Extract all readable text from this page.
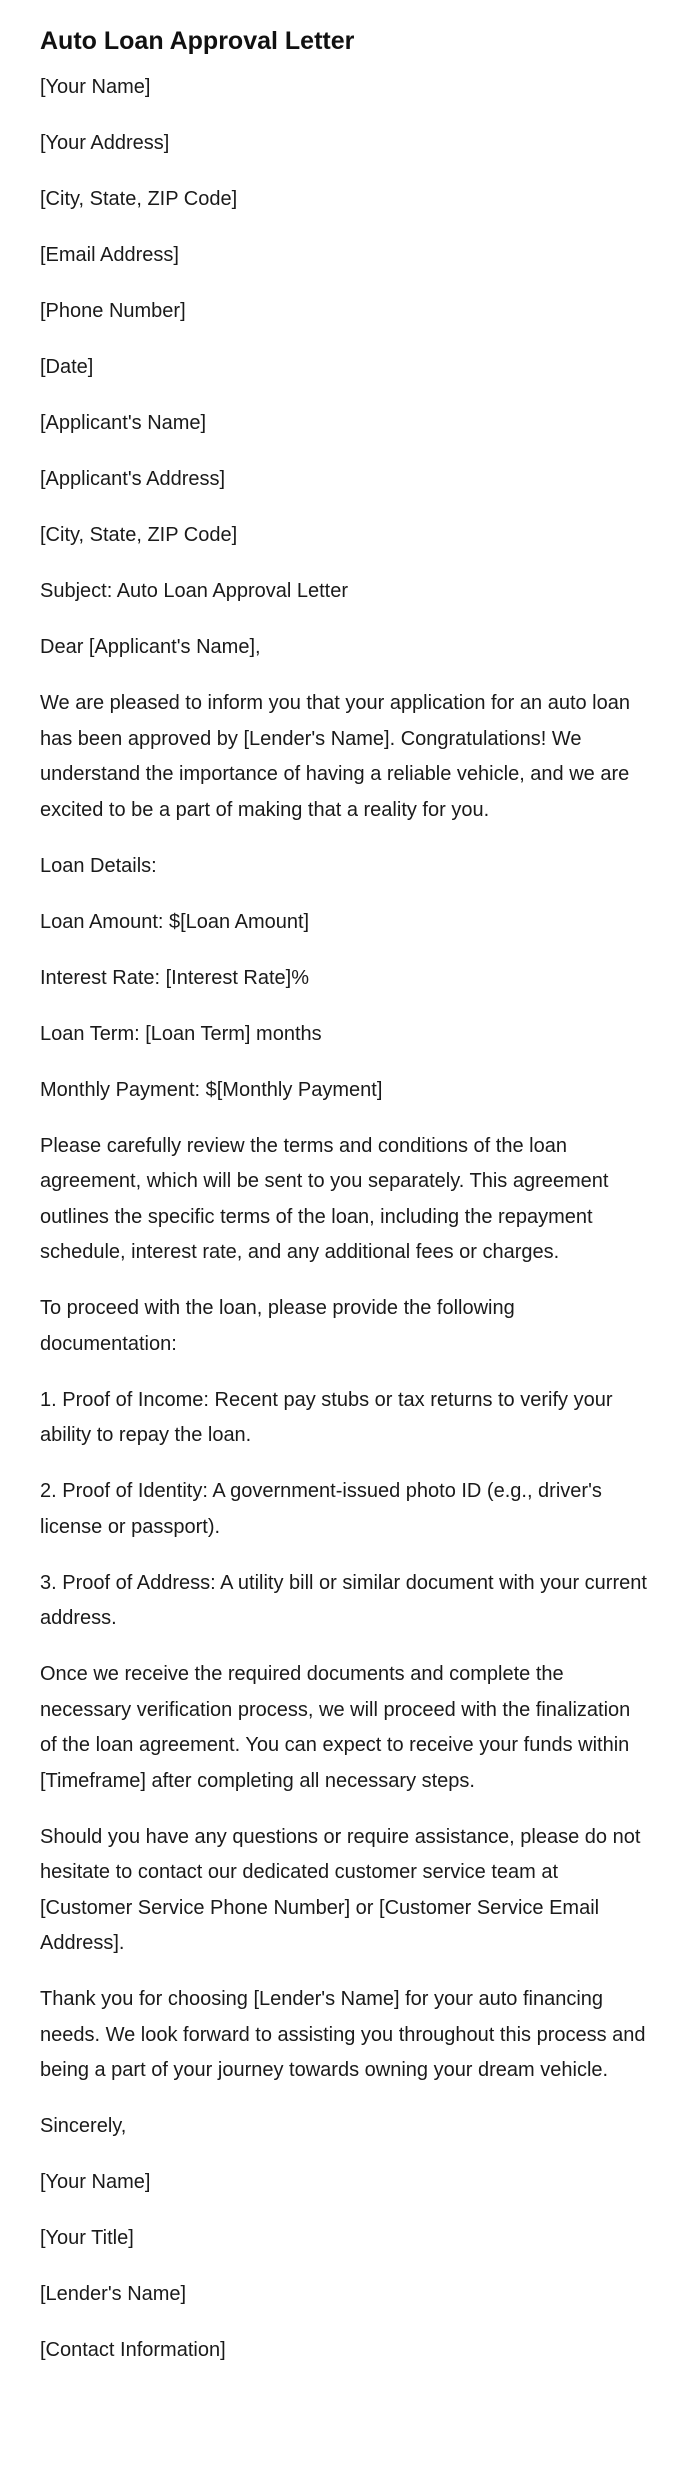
Auto Loan Approval Letter

[Your Name]

[Your Address]

[City, State, ZIP Code]

[Email Address]

[Phone Number]

[Date]

[Applicant's Name]

[Applicant's Address]

[City, State, ZIP Code]

Subject: Auto Loan Approval Letter

Dear [Applicant's Name],

We are pleased to inform you that your application for an auto loan has been approved by [Lender's Name]. Congratulations! We understand the importance of having a reliable vehicle, and we are excited to be a part of making that a reality for you.

Loan Details:

Loan Amount: $[Loan Amount]

Interest Rate: [Interest Rate]%

Loan Term: [Loan Term] months

Monthly Payment: $[Monthly Payment]

Please carefully review the terms and conditions of the loan agreement, which will be sent to you separately. This agreement outlines the specific terms of the loan, including the repayment schedule, interest rate, and any additional fees or charges.

To proceed with the loan, please provide the following documentation:

1. Proof of Income: Recent pay stubs or tax returns to verify your ability to repay the loan.

2. Proof of Identity: A government-issued photo ID (e.g., driver's license or passport).

3. Proof of Address: A utility bill or similar document with your current address.

Once we receive the required documents and complete the necessary verification process, we will proceed with the finalization of the loan agreement. You can expect to receive your funds within [Timeframe] after completing all necessary steps.

Should you have any questions or require assistance, please do not hesitate to contact our dedicated customer service team at [Customer Service Phone Number] or [Customer Service Email Address].

Thank you for choosing [Lender's Name] for your auto financing needs. We look forward to assisting you throughout this process and being a part of your journey towards owning your dream vehicle.

Sincerely,

[Your Name]

[Your Title]

[Lender's Name]

[Contact Information]
